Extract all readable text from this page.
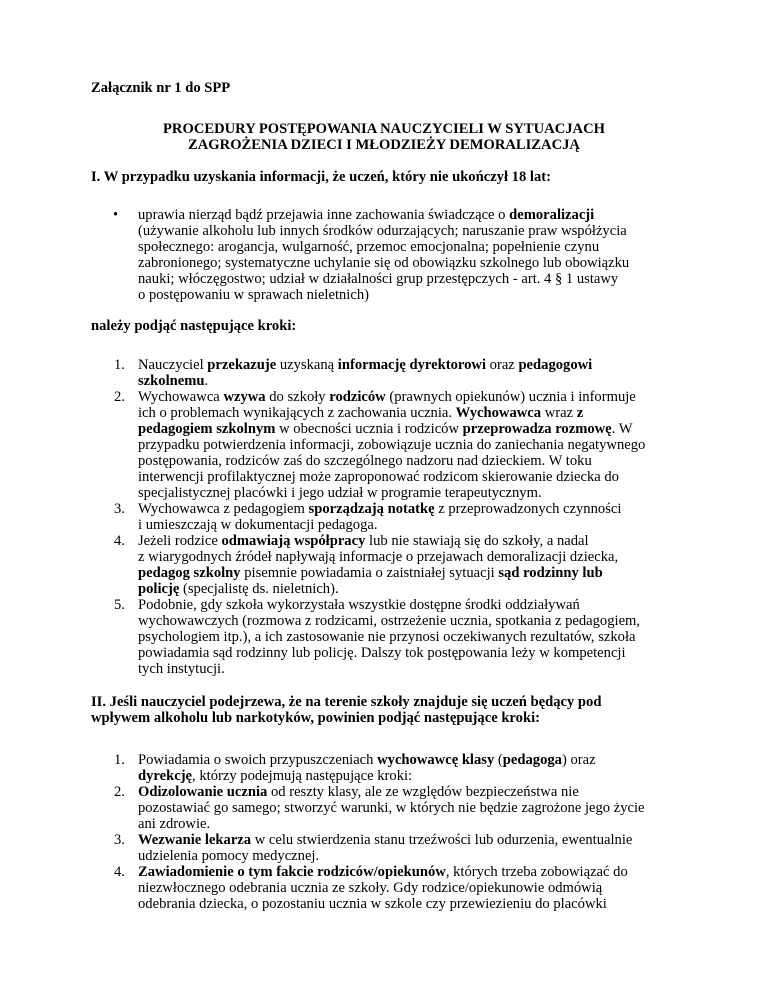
Załącznik nr 1 do SPP
PROCEDURY POSTĘPOWANIA NAUCZYCIELI W SYTUACJACH
ZAGROŻENIA DZIECI I MŁODZIEŻY DEMORALIZACJĄ
I. W przypadku uzyskania informacji, że uczeń, który nie ukończył 18 lat:
• uprawia nierząd bądź przejawia inne zachowania świadczące o demoralizacji
(używanie alkoholu lub innych środków odurzających; naruszanie praw współżycia
społecznego: arogancja, wulgarność, przemoc emocjonalna; popełnienie czynu
zabronionego; systematyczne uchylanie się od obowiązku szkolnego lub obowiązku
nauki; włóczęgostwo; udział w działalności grup przestępczych - art. 4 § 1 ustawy
o postępowaniu w sprawach nieletnich)
należy podjąć następujące kroki:
1. Nauczyciel przekazuje uzyskaną informację dyrektorowi oraz pedagogowi
szkolnemu.
2. Wychowawca wzywa do szkoły rodziców (prawnych opiekunów) ucznia i informuje
ich o problemach wynikających z zachowania ucznia. Wychowawca wraz z
pedagogiem szkolnym w obecności ucznia i rodziców przeprowadza rozmowę. W
przypadku potwierdzenia informacji, zobowiązuje ucznia do zaniechania negatywnego
postępowania, rodziców zaś do szczególnego nadzoru nad dzieckiem. W toku
interwencji profilaktycznej może zaproponować rodzicom skierowanie dziecka do
specjalistycznej placówki i jego udział w programie terapeutycznym.
3. Wychowawca z pedagogiem sporządzają notatkę z przeprowadzonych czynności
i umieszczają w dokumentacji pedagoga.
4. Jeżeli rodzice odmawiają współpracy lub nie stawiają się do szkoły, a nadal
z wiarygodnych źródeł napływają informacje o przejawach demoralizacji dziecka,
pedagog szkolny pisemnie powiadamia o zaistniałej sytuacji sąd rodzinny lub
policję (specjalistę ds. nieletnich).
5. Podobnie, gdy szkoła wykorzystała wszystkie dostępne środki oddziaływań
wychowawczych (rozmowa z rodzicami, ostrzeżenie ucznia, spotkania z pedagogiem,
psychologiem itp.), a ich zastosowanie nie przynosi oczekiwanych rezultatów, szkoła
powiadamia sąd rodzinny lub policję. Dalszy tok postępowania leży w kompetencji
tych instytucji.
II. Jeśli nauczyciel podejrzewa, że na terenie szkoły znajduje się uczeń będący pod
wpływem alkoholu lub narkotyków, powinien podjąć następujące kroki:
1. Powiadamia o swoich przypuszczeniach wychowawcę klasy (pedagoga) oraz
dyrekcję, którzy podejmują następujące kroki:
2. Odizolowanie ucznia od reszty klasy, ale ze względów bezpieczeństwa nie
pozostawiać go samego; stworzyć warunki, w których nie będzie zagrożone jego życie
ani zdrowie.
3. Wezwanie lekarza w celu stwierdzenia stanu trzeźwości lub odurzenia, ewentualnie
udzielenia pomocy medycznej.
4. Zawiadomienie o tym fakcie rodziców/opiekunów, których trzeba zobowiązać do
niezwłocznego odebrania ucznia ze szkoły. Gdy rodzice/opiekunowie odmówią
odebrania dziecka, o pozostaniu ucznia w szkole czy przewiezieniu do placówki
